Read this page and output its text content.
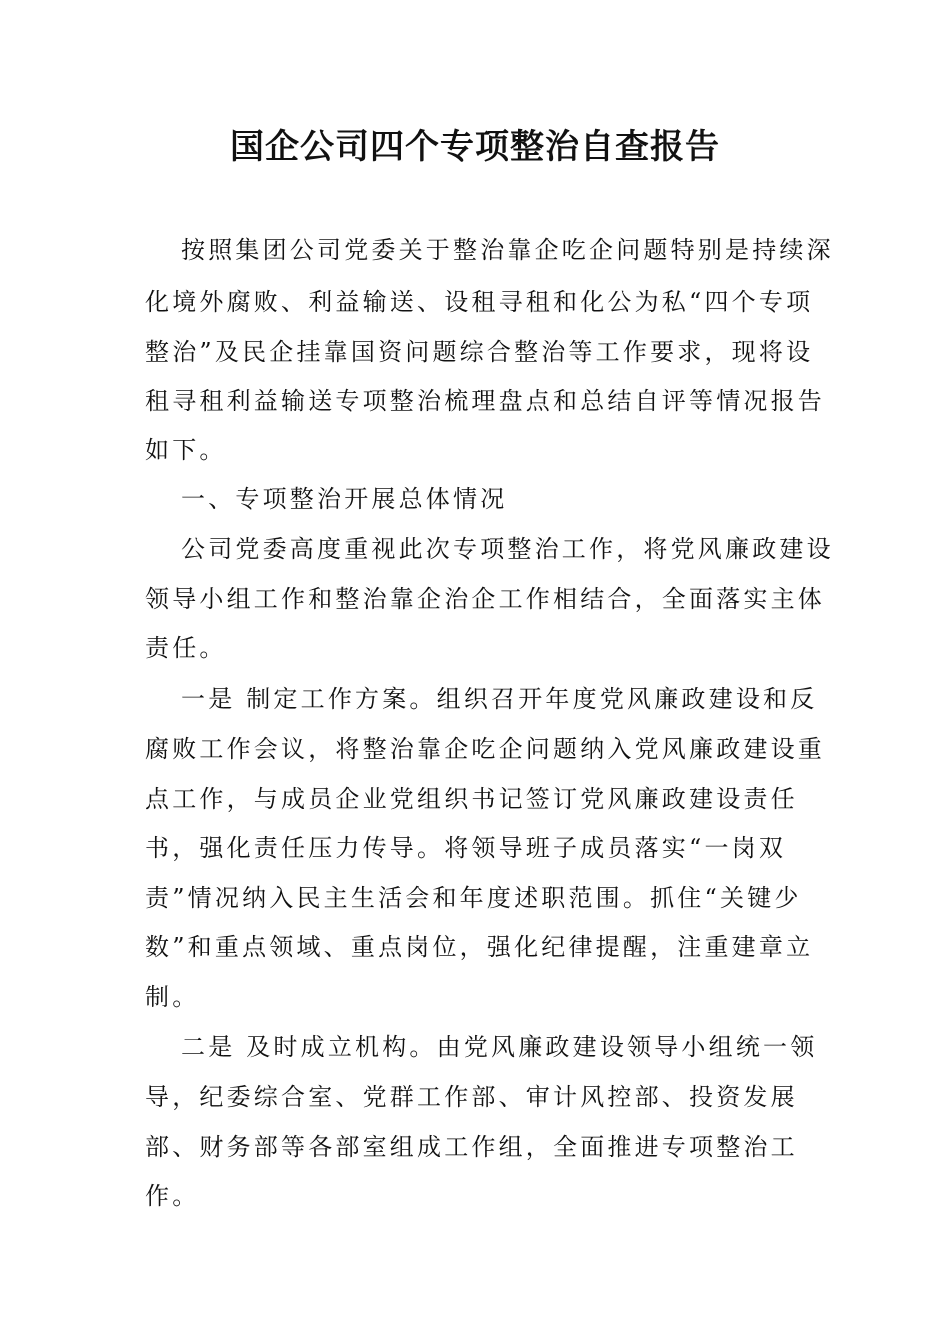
国企公司四个专项整治自查报告

按照集团公司党委关于整治靠企吃企问题特别是持续深

化境外腐败、利益输送、设租寻租和化公为私“四个专项

整治”及民企挂靠国资问题综合整治等工作要求，现将设

租寻租利益输送专项整治梳理盘点和总结自评等情况报告

如下。

一、专项整治开展总体情况

公司党委高度重视此次专项整治工作，将党风廉政建设

领导小组工作和整治靠企治企工作相结合，全面落实主体

责任。

一是 制定工作方案。组织召开年度党风廉政建设和反

腐败工作会议，将整治靠企吃企问题纳入党风廉政建设重

点工作，与成员企业党组织书记签订党风廉政建设责任

书，强化责任压力传导。将领导班子成员落实“一岗双

责”情况纳入民主生活会和年度述职范围。抓住“关键少

数”和重点领域、重点岗位，强化纪律提醒，注重建章立

制。

二是 及时成立机构。由党风廉政建设领导小组统一领

导，纪委综合室、党群工作部、审计风控部、投资发展

部、财务部等各部室组成工作组，全面推进专项整治工

作。
